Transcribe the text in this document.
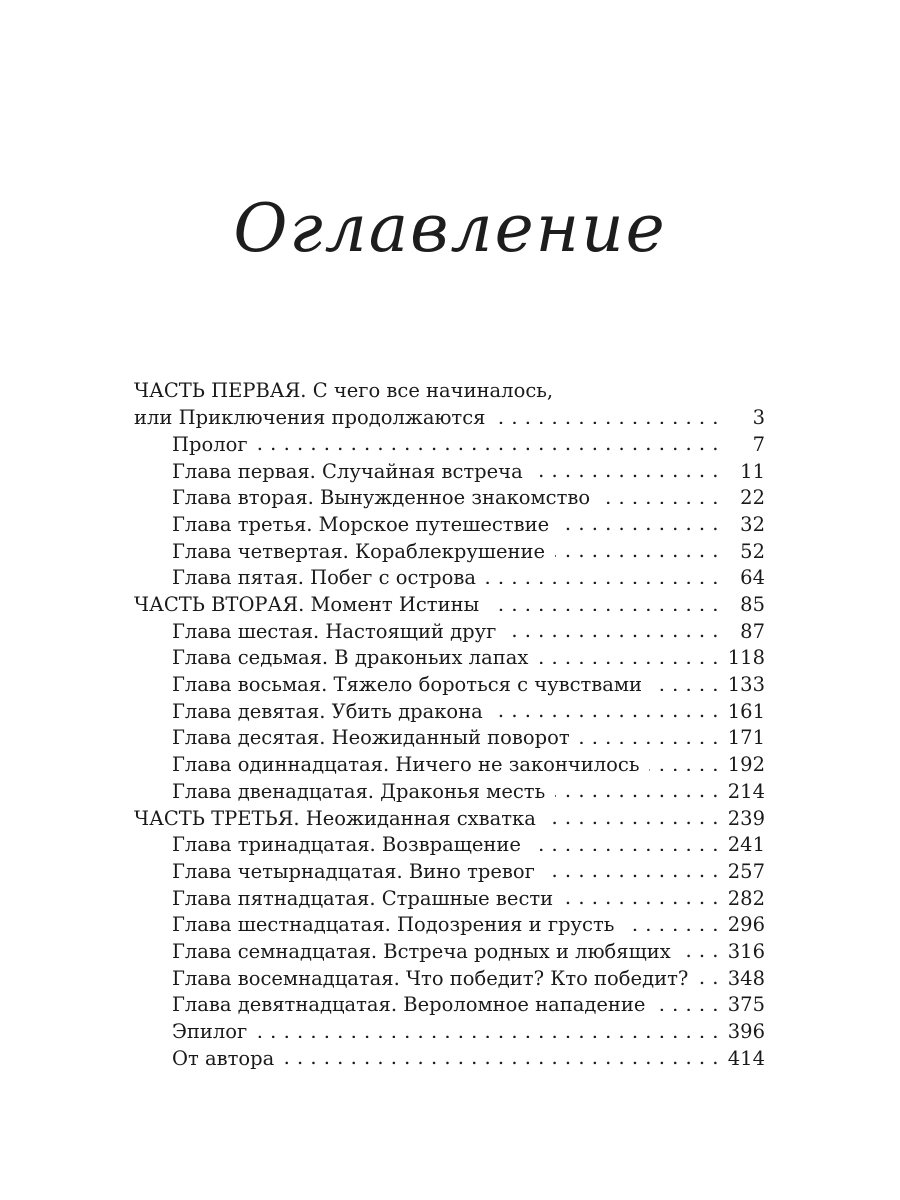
Оглавление
ЧАСТЬ ПЕРВАЯ. С чего все начиналось,
или Приключения продолжаются . . .	3
Пролог . . .	7
Глава первая. Случайная встреча . . .	11
Глава вторая. Вынужденное знакомство . . .	22
Глава третья. Морское путешествие . . .	32
Глава четвертая. Кораблекрушение . . .	52
Глава пятая. Побег с острова . . .	64
ЧАСТЬ ВТОРАЯ. Момент Истины . . .	85
Глава шестая. Настоящий друг . . .	87
Глава седьмая. В драконьих лапах . . .	118
Глава восьмая. Тяжело бороться с чувствами . . .	133
Глава девятая. Убить дракона . . .	161
Глава десятая. Неожиданный поворот . . .	171
Глава одиннадцатая. Ничего не закончилось . . .	192
Глава двенадцатая. Драконья месть . . .	214
ЧАСТЬ ТРЕТЬЯ. Неожиданная схватка . . .	239
Глава тринадцатая. Возвращение . . .	241
Глава четырнадцатая. Вино тревог . . .	257
Глава пятнадцатая. Страшные вести . . .	282
Глава шестнадцатая. Подозрения и грусть . . .	296
Глава семнадцатая. Встреча родных и любящих . . .	316
Глава восемнадцатая. Что победит? Кто победит? . . . 348
Глава девятнадцатая. Вероломное нападение . . .	375
Эпилог . . .	396
От автора . . .	414
